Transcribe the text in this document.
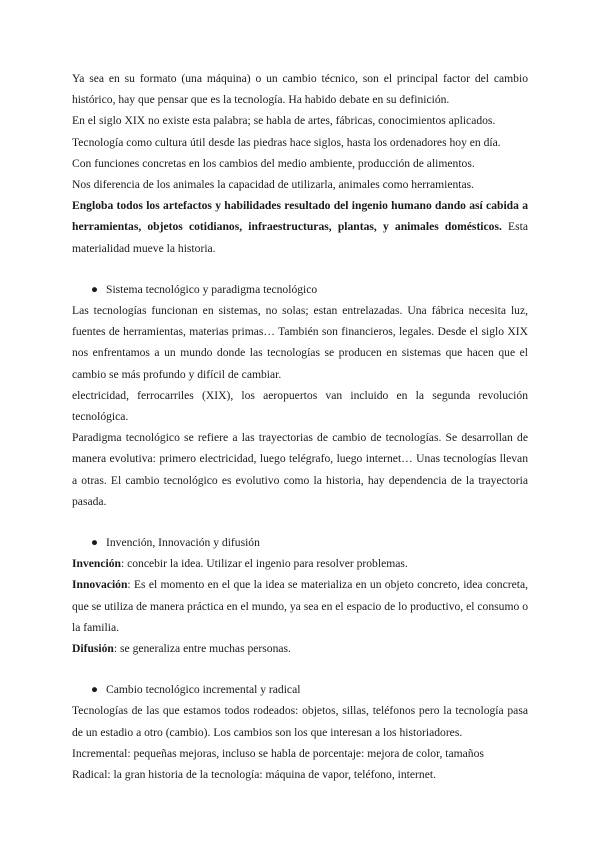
Ya sea en su formato (una máquina) o un cambio técnico, son el principal factor del cambio
histórico, hay que pensar que es la tecnología. Ha habido debate en su definición.
En el siglo XIX no existe esta palabra; se habla de artes, fábricas, conocimientos aplicados.
Tecnología como cultura útil desde las piedras hace siglos, hasta los ordenadores hoy en día.
Con funciones concretas en los cambios del medio ambiente, producción de alimentos.
Nos diferencia de los animales la capacidad de utilizarla, animales como herramientas.
Engloba todos los artefactos y habilidades resultado del ingenio humano dando así cabida a herramientas, objetos cotidianos, infraestructuras, plantas, y animales domésticos. Esta materialidad mueve la historia.
● Sistema tecnológico y paradigma tecnológico
Las tecnologías funcionan en sistemas, no solas; estan entrelazadas. Una fábrica necesita luz, fuentes de herramientas, materias primas… También son financieros, legales. Desde el siglo XIX nos enfrentamos a un mundo donde las tecnologías se producen en sistemas que hacen que el cambio se más profundo y difícil de cambiar.
electricidad, ferrocarriles (XIX), los aeropuertos van incluido en la segunda revolución tecnológica.
Paradigma tecnológico se refiere a las trayectorias de cambio de tecnologías. Se desarrollan de manera evolutiva: primero electricidad, luego telégrafo, luego internet… Unas tecnologías llevan a otras. El cambio tecnológico es evolutivo como la historia, hay dependencia de la trayectoria pasada.
● Invención, Innovación y difusión
Invención: concebir la idea. Utilizar el ingenio para resolver problemas.
Innovación: Es el momento en el que la idea se materializa en un objeto concreto, idea concreta, que se utiliza de manera práctica en el mundo, ya sea en el espacio de lo productivo, el consumo o la familia.
Difusión: se generaliza entre muchas personas.
● Cambio tecnológico incremental y radical
Tecnologías de las que estamos todos rodeados: objetos, sillas, teléfonos pero la tecnología pasa de un estadio a otro (cambio). Los cambios son los que interesan a los historiadores.
Incremental: pequeñas mejoras, incluso se habla de porcentaje: mejora de color, tamaños
Radical: la gran historia de la tecnología: máquina de vapor, teléfono, internet.
